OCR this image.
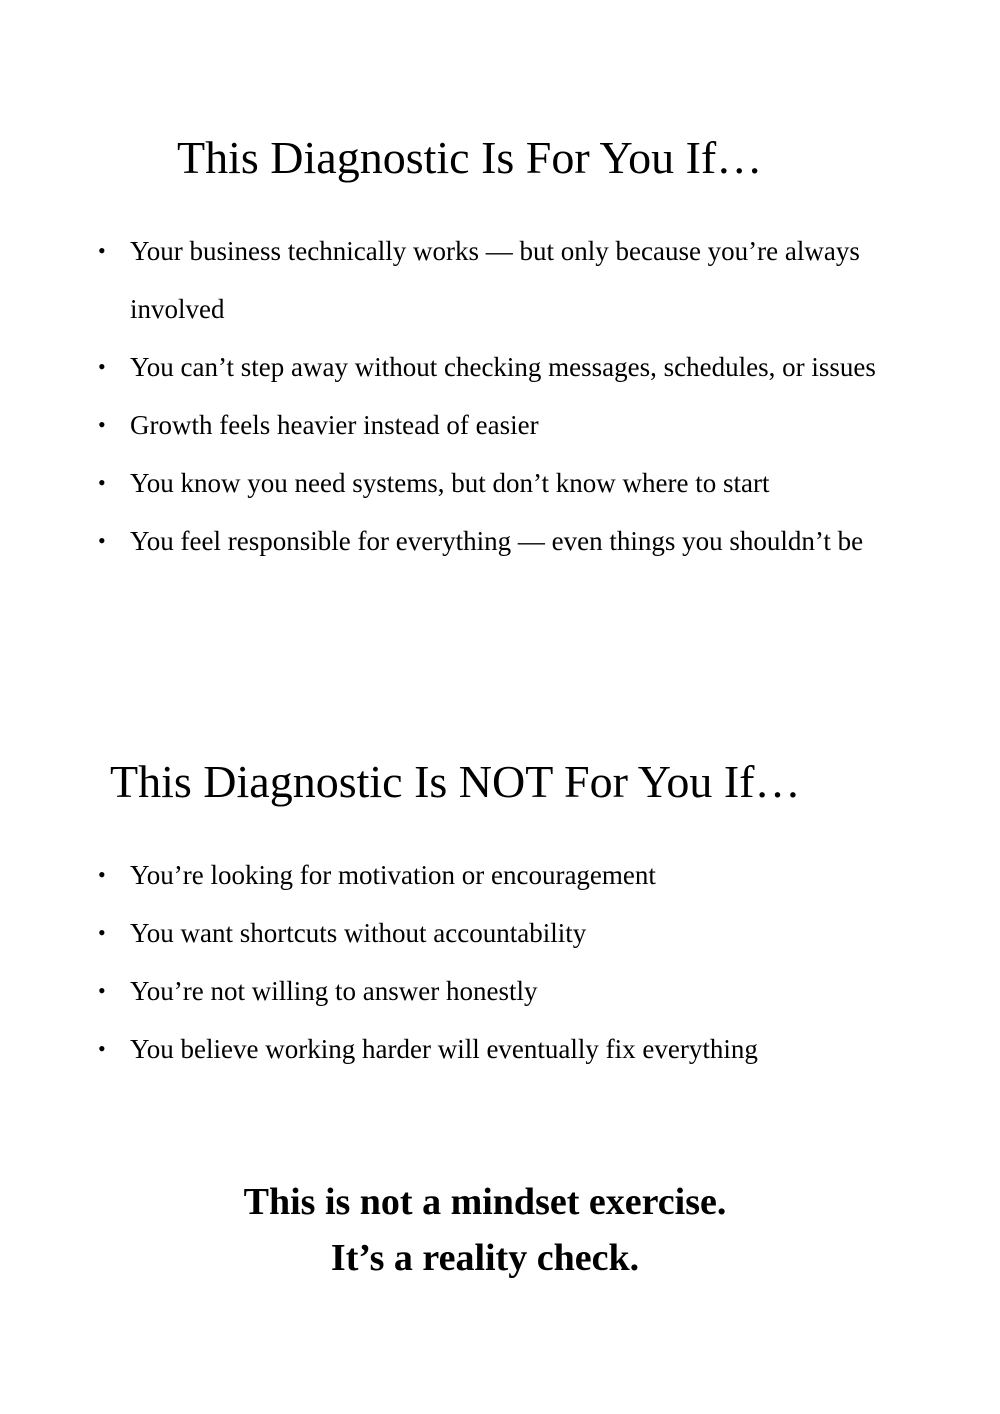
This Diagnostic Is For You If…
• Your business technically works — but only because you’re always involved
• You can’t step away without checking messages, schedules, or issues
• Growth feels heavier instead of easier
• You know you need systems, but don’t know where to start
• You feel responsible for everything — even things you shouldn’t be
This Diagnostic Is NOT For You If…
• You’re looking for motivation or encouragement
• You want shortcuts without accountability
• You’re not willing to answer honestly
• You believe working harder will eventually fix everything
This is not a mindset exercise.
It’s a reality check.
